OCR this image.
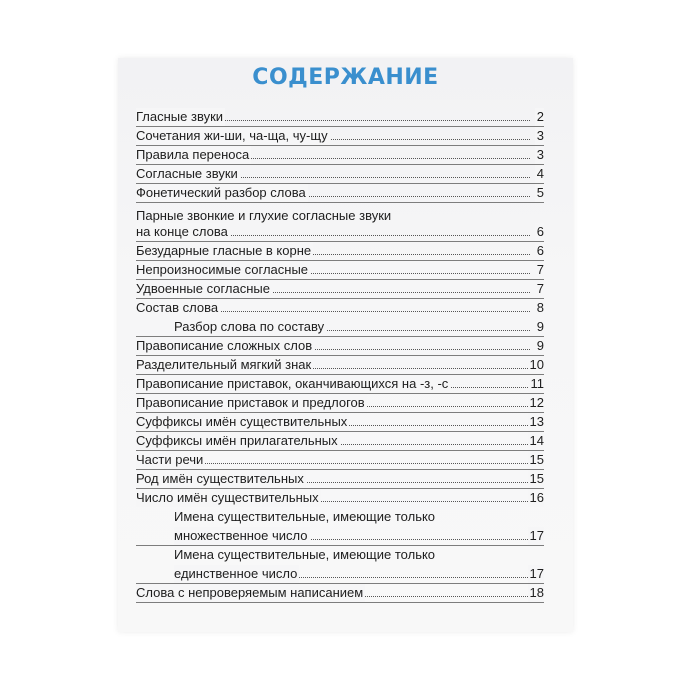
СОДЕРЖАНИЕ
Гласные звуки	2
Сочетания жи-ши, ча-ща, чу-щу	3
Правила переноса	3
Согласные звуки	4
Фонетический разбор слова	5
Парные звонкие и глухие согласные звуки
на конце слова	6
Безударные гласные в корне	6
Непроизносимые согласные	7
Удвоенные согласные	7
Состав слова	8
Разбор слова по составу	9
Правописание сложных слов	9
Разделительный мягкий знак	10
Правописание приставок, оканчивающихся на -з, -с	11
Правописание приставок и предлогов	12
Суффиксы имён существительных	13
Суффиксы имён прилагательных	14
Части речи	15
Род имён существительных	15
Число имён существительных	16
Имена существительные, имеющие только
множественное число	17
Имена существительные, имеющие только
единственное число	17
Слова с непроверяемым написанием	18
